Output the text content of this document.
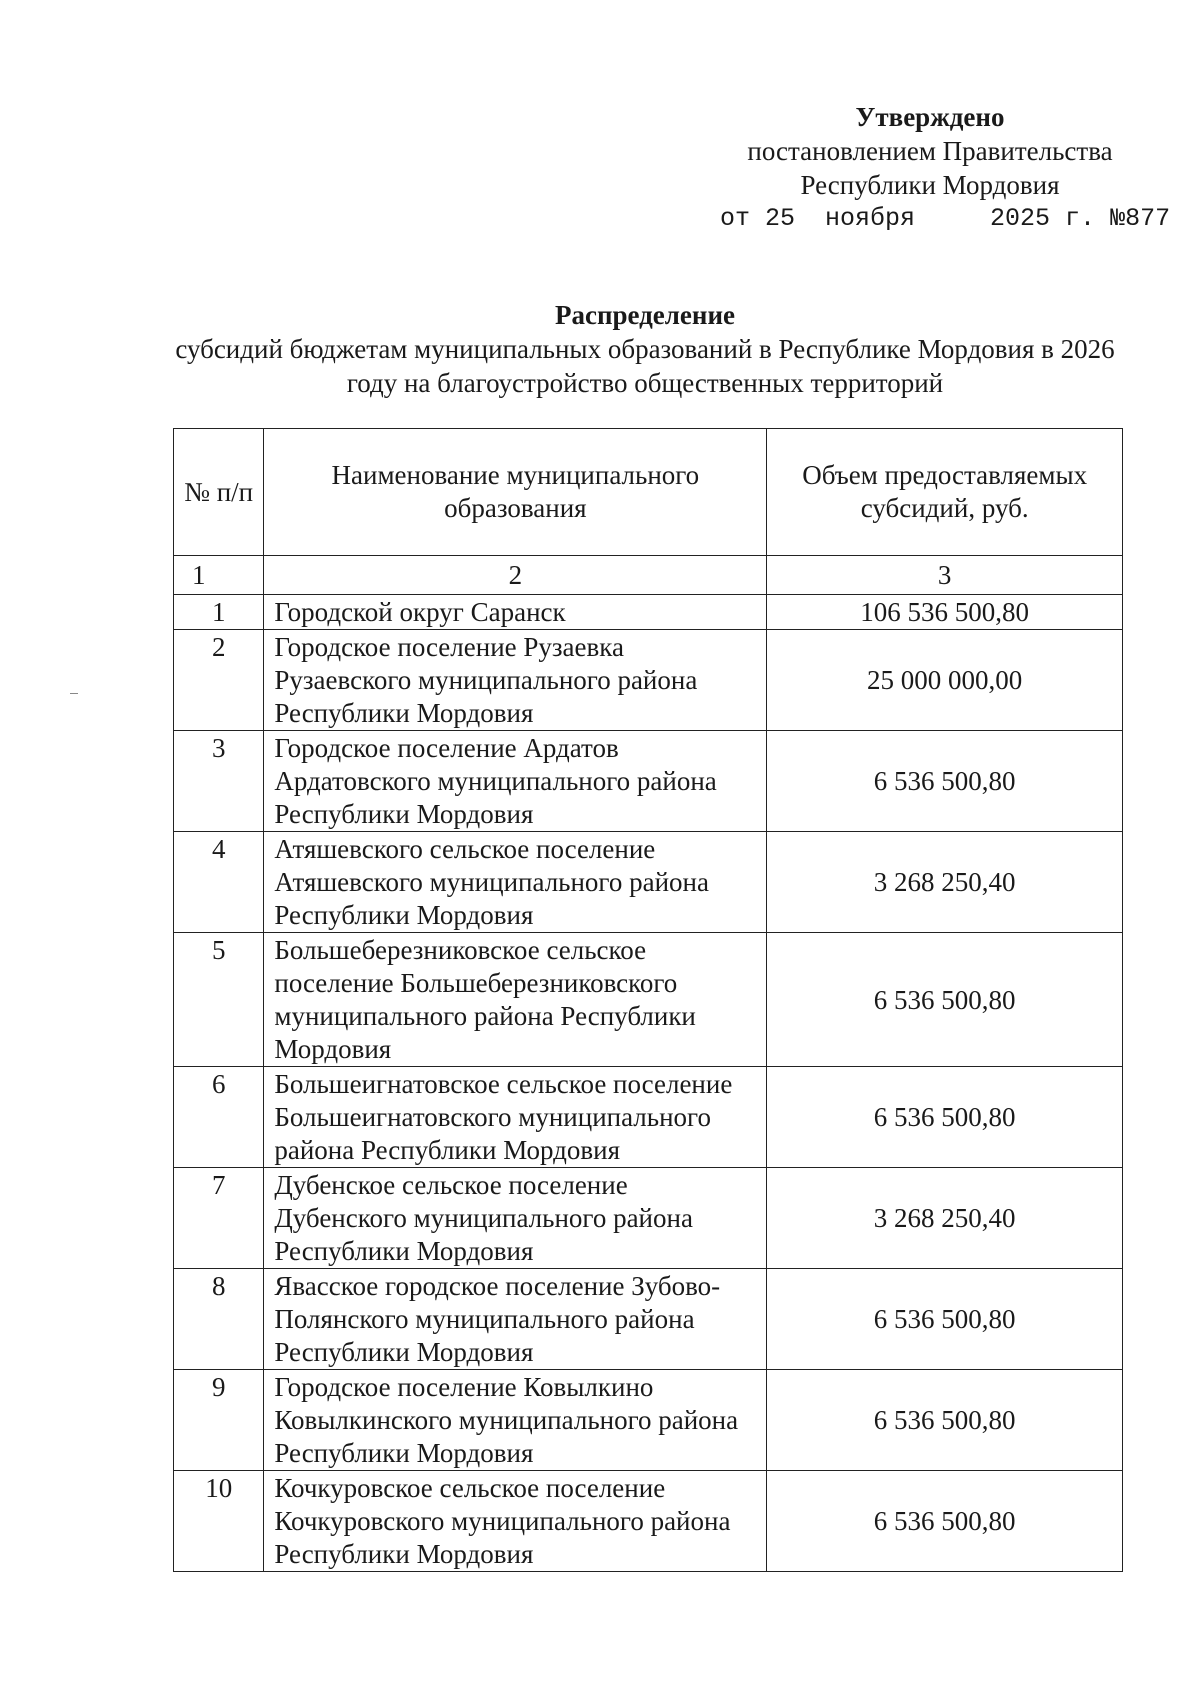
Утверждено
постановлением Правительства
Республики Мордовия
от 25  ноября     2025 г. №877
Распределение
субсидий бюджетам муниципальных образований в Республике Мордовия в 2026 году на благоустройство общественных территорий
№ п/п	Наименование муниципального образования	Объем предоставляемых субсидий, руб.
1	2	3
1	Городской округ Саранск	106 536 500,80
2	Городское поселение Рузаевка Рузаевского муниципального района Республики Мордовия	25 000 000,00
3	Городское поселение Ардатов Ардатовского муниципального района Республики Мордовия	6 536 500,80
4	Атяшевского сельское поселение Атяшевского муниципального района Республики Мордовия	3 268 250,40
5	Большеберезниковское сельское поселение Большеберезниковского муниципального района Республики Мордовия	6 536 500,80
6	Большеигнатовское сельское поселение Большеигнатовского муниципального района Республики Мордовия	6 536 500,80
7	Дубенское сельское поселение Дубенского муниципального района Республики Мордовия	3 268 250,40
8	Явасское городское поселение Зубово-Полянского муниципального района Республики Мордовия	6 536 500,80
9	Городское поселение Ковылкино Ковылкинского муниципального района Республики Мордовия	6 536 500,80
10	Кочкуровское сельское поселение Кочкуровского муниципального района Республики Мордовия	6 536 500,80
